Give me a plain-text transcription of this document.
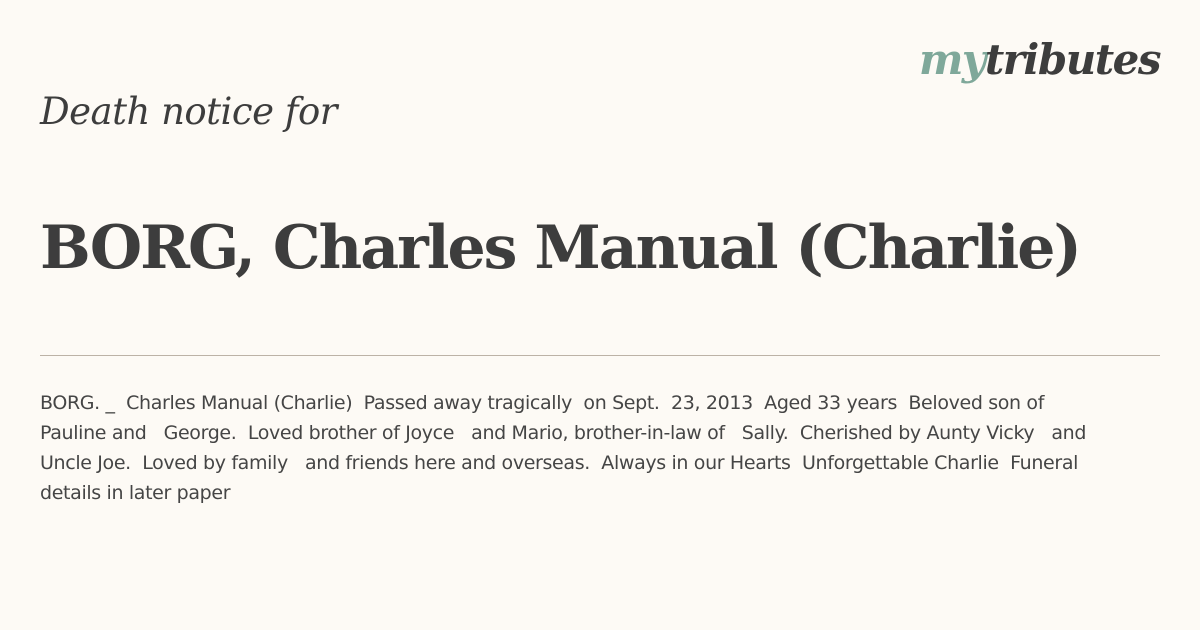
mytributes
Death notice for
BORG, Charles Manual (Charlie)

BORG. _  Charles Manual (Charlie)  Passed away tragically  on Sept.  23, 2013  Aged 33 years  Beloved son of Pauline and   George.  Loved brother of Joyce   and Mario, brother-in-law of   Sally.  Cherished by Aunty Vicky   and Uncle Joe.  Loved by family   and friends here and overseas.  Always in our Hearts  Unforgettable Charlie  Funeral details in later paper
